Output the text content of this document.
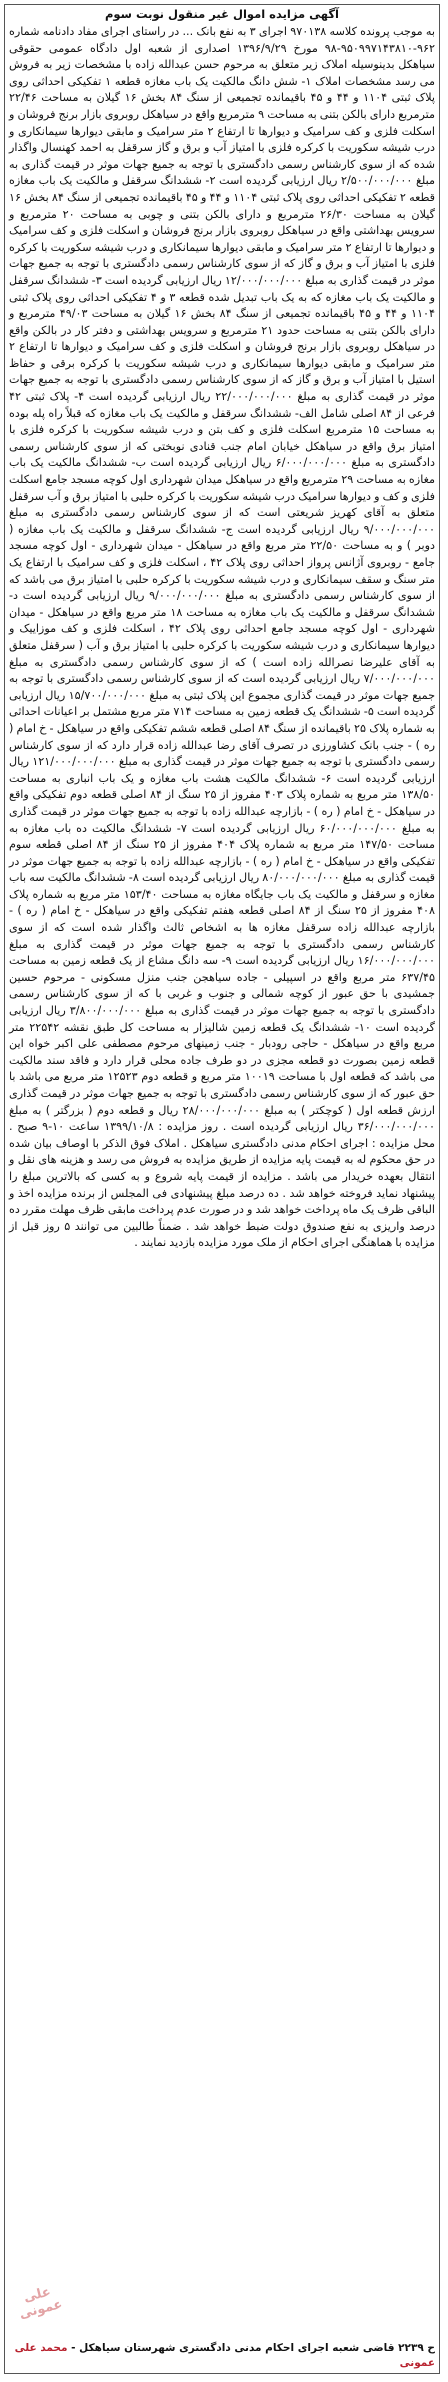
آگهی مزایده اموال غیر منقول نوبت سوم

به موجب پرونده کلاسه ۹۷۰۱۳۸ اجرای ۳ به نفع بانک ... در راستای اجرای مفاد دادنامه شماره ۹۶۲-۹۵۰۹۹۷۱۴۳۸۱۰-۹۸ مورخ ۱۳۹۶/۹/۲۹ اصداری از شعبه اول دادگاه عمومی حقوقی سیاهکل بدینوسیله املاک زیر متعلق به مرحوم حسن عبدالله زاده با مشخصات زیر به فروش می رسد مشخصات املاک ۱- شش دانگ مالکیت یک باب مغازه قطعه ۱ تفکیکی احداثی روی پلاک ثبتی ۱۱۰۴ و ۴۴ و ۴۵ باقیمانده تجمیعی از سنگ ۸۴ بخش ۱۶ گیلان به مساحت ۲۲/۴۶ مترمربع دارای بالکن بتنی به مساحت ۹ مترمربع واقع در سیاهکل روبروی بازار برنج فروشان و اسکلت فلزی و کف سرامیک و دیوارها تا ارتفاع ۲ متر سرامیک و مابقی دیوارها سیمانکاری و درب شیشه سکوریت با کرکره فلزی با امتیاز آب و برق و گاز سرقفل به احمد کهنسال واگذار شده که از سوی کارشناس رسمی دادگستری با توجه به جمیع جهات موثر در قیمت گذاری به مبلغ ۲/۵۰۰/۰۰۰/۰۰۰ ریال ارزیابی گردیده است ۲- ششدانگ سرقفل و مالکیت یک باب مغازه قطعه ۲ تفکیکی احداثی روی پلاک ثبتی ۱۱۰۴ و ۴۴ و ۴۵ باقیمانده تجمیعی از سنگ ۸۴ بخش ۱۶ گیلان به مساحت ۲۶/۳۰ مترمربع و دارای بالکن بتنی و چوبی به مساحت ۲۰ مترمربع و سرویس بهداشتی واقع در سیاهکل روبروی بازار برنج فروشان و اسکلت فلزی و کف سرامیک و دیوارها تا ارتفاع ۲ متر سرامیک و مابقی دیوارها سیمانکاری و درب شیشه سکوریت با کرکره فلزی با امتیاز آب و برق و گاز که از سوی کارشناس رسمی دادگستری با توجه به جمیع جهات موثر در قیمت گذاری به مبلغ ۱۲/۰۰۰/۰۰۰/۰۰۰ ریال ارزیابی گردیده است ۳- ششدانگ سرقفل و مالکیت یک باب مغازه که به یک باب تبدیل شده قطعه ۳ و ۴ تفکیکی احداثی روی پلاک ثبتی ۱۱۰۴ و ۴۴ و ۴۵ باقیمانده تجمیعی از سنگ ۸۴ بخش ۱۶ گیلان به مساحت ۴۹/۰۳ مترمربع و دارای بالکن بتنی به مساحت حدود ۲۱ مترمربع و سرویس بهداشتی و دفتر کار در بالکن واقع در سیاهکل روبروی بازار برنج فروشان و اسکلت فلزی و کف سرامیک و دیوارها تا ارتفاع ۲ متر سرامیک و مابقی دیوارها سیمانکاری و درب شیشه سکوریت با کرکره برقی و حفاظ استیل با امتیاز آب و برق و گاز که از سوی کارشناس رسمی دادگستری با توجه به جمیع جهات موثر در قیمت گذاری به مبلغ ۲۲/۰۰۰/۰۰۰/۰۰۰ ریال ارزیابی گردیده است ۴- پلاک ثبتی ۴۲ فرعی از ۸۴ اصلی شامل الف- ششدانگ سرقفل و مالکیت یک باب مغازه که قبلاً راه پله بوده به مساحت ۱۵ مترمربع اسکلت فلزی و کف بتن و درب شیشه سکوریت با کرکره فلزی با امتیاز برق واقع در سیاهکل خیابان امام جنب قنادی نوبختی که از سوی کارشناس رسمی دادگستری به مبلغ ۶/۰۰۰/۰۰۰/۰۰۰ ریال ارزیابی گردیده است ب- ششدانگ مالکیت یک باب مغازه به مساحت ۲۹ مترمربع واقع در سیاهکل میدان شهرداری اول کوچه مسجد جامع اسکلت فلزی و کف و دیوارها سرامیک درب شیشه سکوریت با کرکره حلبی با امتیاز برق و آب سرقفل متعلق به آقای کهریز شریعتی است که از سوی کارشناس رسمی دادگستری به مبلغ ۹/۰۰۰/۰۰۰/۰۰۰ ریال ارزیابی گردیده است ج- ششدانگ سرقفل و مالکیت یک باب مغازه ( دوبر ) و به مساحت ۲۲/۵۰ متر مربع واقع در سیاهکل - میدان شهرداری - اول کوچه مسجد جامع - روبروی آژانس پرواز احداثی روی پلاک ۴۲ ، اسکلت فلزی و کف سرامیک با ارتفاع یک متر سنگ و سقف سیمانکاری و درب شیشه سکوریت با کرکره حلبی با امتیاز برق می باشد که از سوی کارشناس رسمی دادگستری به مبلغ ۹/۰۰۰/۰۰۰/۰۰۰ ریال ارزیابی گردیده است د- ششدانگ سرقفل و مالکیت یک باب مغازه به مساحت ۱۸ متر مربع واقع در سیاهکل - میدان شهرداری - اول کوچه مسجد جامع احداثی روی پلاک ۴۲ ، اسکلت فلزی و کف موزاییک و دیوارها سیمانکاری و درب شیشه سکوریت با کرکره حلبی با امتیاز برق و آب ( سرقفل متعلق به آقای علیرضا نصرالله زاده است ) که از سوی کارشناس رسمی دادگستری به مبلغ ۷/۰۰۰/۰۰۰/۰۰۰ ریال ارزیابی گردیده است که از سوی کارشناس رسمی دادگستری با توجه به جمیع جهات موثر در قیمت گذاری مجموع این پلاک ثبتی به مبلغ ۱۵/۷۰۰/۰۰۰/۰۰۰ ریال ارزیابی گردیده است ۵- ششدانگ یک قطعه زمین به مساحت ۷۱۴ متر مربع مشتمل بر اعیانات احداثی به شماره پلاک ۲۵ باقیمانده از سنگ ۸۴ اصلی قطعه ششم تفکیکی واقع در سیاهکل - خ امام ( ره ) - جنب بانک کشاورزی در تصرف آقای رضا عبدالله زاده قرار دارد که از سوی کارشناس رسمی دادگستری با توجه به جمیع جهات موثر در قیمت گذاری به مبلغ ۱۲۱/۰۰۰/۰۰۰/۰۰۰ ریال ارزیابی گردیده است ۶- ششدانگ مالکیت هشت باب مغازه و یک باب انباری به مساحت ۱۳۸/۵۰ متر مربع به شماره پلاک ۴۰۳ مفروز از ۲۵ سنگ از ۸۴ اصلی قطعه دوم تفکیکی واقع در سیاهکل - خ امام ( ره ) - بازارچه عبدالله زاده با توجه به جمیع جهات موثر در قیمت گذاری به مبلغ ۶۰/۰۰۰/۰۰۰/۰۰۰ ریال ارزیابی گردیده است ۷- ششدانگ مالکیت ده باب مغازه به مساحت ۱۴۷/۵۰ متر مربع به شماره پلاک ۴۰۴ مفروز از ۲۵ سنگ از ۸۴ اصلی قطعه سوم تفکیکی واقع در سیاهکل - خ امام ( ره ) - بازارچه عبدالله زاده با توجه به جمیع جهات موثر در قیمت گذاری به مبلغ ۸۰/۰۰۰/۰۰۰/۰۰۰ ریال ارزیابی گردیده است ۸- ششدانگ مالکیت سه باب مغازه و سرقفل و مالکیت یک باب جایگاه مغازه به مساحت ۱۵۳/۴۰ متر مربع به شماره پلاک ۴۰۸ مفروز از ۲۵ سنگ از ۸۴ اصلی قطعه هفتم تفکیکی واقع در سیاهکل - خ امام ( ره ) - بازارچه عبدالله زاده سرقفل مغازه ها به اشخاص ثالث واگذار شده است که از سوی کارشناس رسمی دادگستری با توجه به جمیع جهات موثر در قیمت گذاری به مبلغ ۱۶/۰۰۰/۰۰۰/۰۰۰ ریال ارزیابی گردیده است ۹- سه دانگ مشاع از یک قطعه زمین به مساحت ۶۳۷/۴۵ متر مربع واقع در اسپیلی - جاده سیاهجن جنب منزل مسکونی - مرحوم حسین جمشیدی با حق عبور از کوچه شمالی و جنوب و غربی با که از سوی کارشناس رسمی دادگستری با توجه به جمیع جهات موثر در قیمت گذاری به مبلغ ۳/۸۰۰/۰۰۰/۰۰۰ ریال ارزیابی گردیده است ۱۰- ششدانگ یک قطعه زمین شالیزار به مساحت کل طبق نقشه ۲۲۵۴۲ متر مربع واقع در سیاهکل - حاجی رودبار - جنب زمینهای مرحوم مصطفی علی اکبر خواه این قطعه زمین بصورت دو قطعه مجزی در دو طرف جاده محلی قرار دارد و فاقد سند مالکیت می باشد که قطعه اول با مساحت ۱۰۰۱۹ متر مربع و قطعه دوم ۱۲۵۲۳ متر مربع می باشد با حق عبور که از سوی کارشناس رسمی دادگستری با توجه به جمیع جهات موثر در قیمت گذاری ارزش قطعه اول ( کوچکتر ) به مبلغ ۲۸/۰۰۰/۰۰۰/۰۰۰ ریال و قطعه دوم ( بزرگتر ) به مبلغ ۳۶/۰۰۰/۰۰۰/۰۰۰ ریال ارزیابی گردیده است . روز مزایده : ۱۳۹۹/۱۰/۸ ساعت ۱۰-۹ صبح . محل مزایده : اجرای احکام مدنی دادگستری سیاهکل . املاک فوق الذکر با اوصاف بیان شده در حق محکوم له به قیمت پایه مزایده از طریق مزایده به فروش می رسد و هزینه های نقل و انتقال بعهده خریدار می باشد . مزایده از قیمت پایه شروع و به کسی که بالاترین مبلغ را پیشنهاد نماید فروخته خواهد شد . ده درصد مبلغ پیشنهادی فی المجلس از برنده مزایده اخذ و الباقی ظرف یک ماه پرداخت خواهد شد و در صورت عدم پرداخت مابقی ظرف مهلت مقرر ده درصد واریزی به نفع صندوق دولت ضبط خواهد شد . ضمناً طالبین می توانند ۵ روز قبل از مزایده با هماهنگی اجرای احکام از ملک مورد مزایده بازدید نمایند .

علی عمونی
ح ۲۲۳۹ قاضی شعبه اجرای احکام مدنی دادگستری شهرستان سیاهکل - محمد علی عمونی
